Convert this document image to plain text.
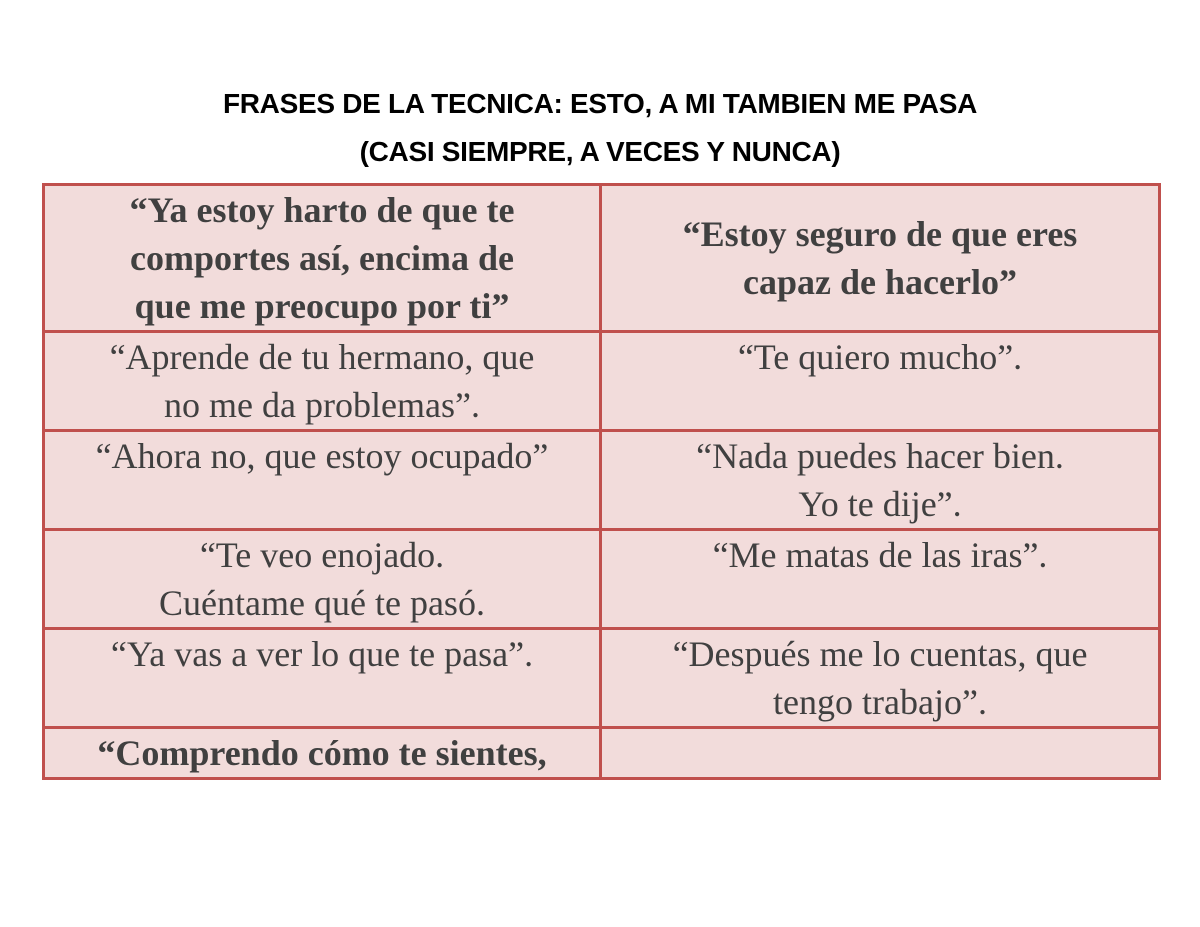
FRASES DE LA TECNICA: ESTO, A MI TAMBIEN ME PASA
(CASI SIEMPRE, A VECES Y NUNCA)
“Ya estoy harto de que te
comportes así, encima de
que me preocupo por ti”	“Estoy seguro de que eres
capaz de hacerlo”
“Aprende de tu hermano, que
no me da problemas”.	“Te quiero mucho”.
“Ahora no, que estoy ocupado”	“Nada puedes hacer bien.
Yo te dije”.
“Te veo enojado.
Cuéntame qué te pasó.	“Me matas de las iras”.
“Ya vas a ver lo que te pasa”.	“Después me lo cuentas, que
tengo trabajo”.
“Comprendo cómo te sientes,	
